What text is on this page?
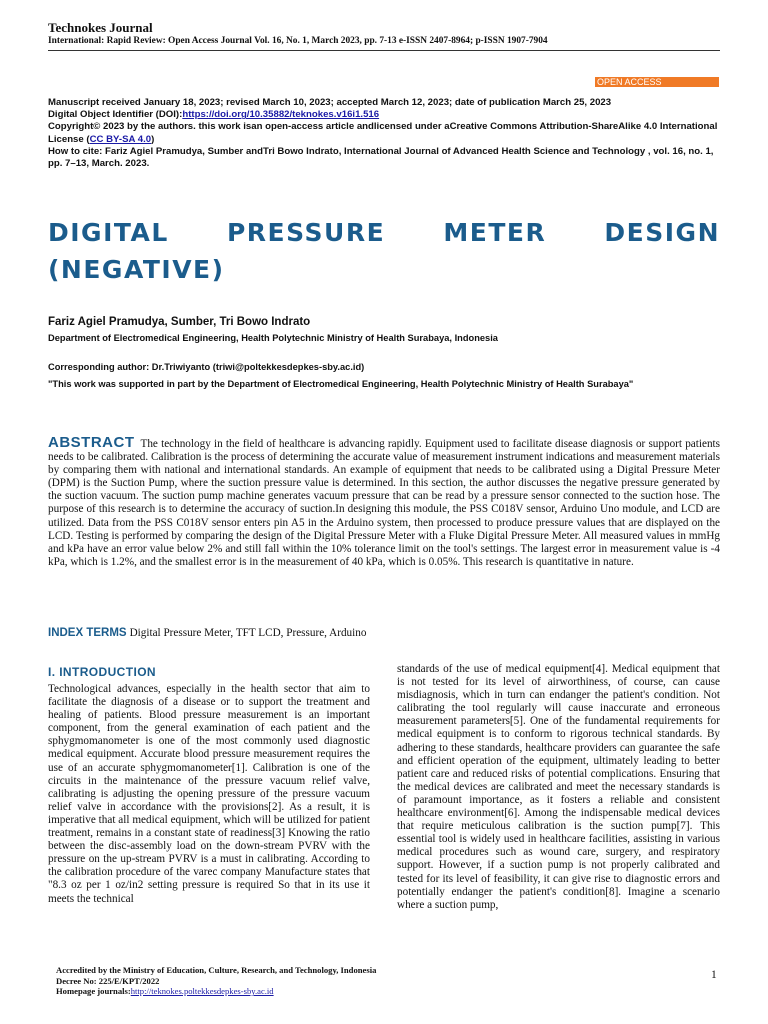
Technokes Journal
International: Rapid Review: Open Access Journal Vol. 16, No. 1, March 2023, pp. 7-13 e-ISSN 2407-8964; p-ISSN 1907-7904
OPEN ACCESS

Manuscript received January 18, 2023; revised March 10, 2023; accepted March 12, 2023; date of publication March 25, 2023

Digital Object Identifier (DOI):https://doi.org/10.35882/teknokes.v16i1.516

Copyright© 2023 by the authors. this work isan open-access article andlicensed under aCreative Commons Attribution-ShareAlike 4.0 International License (CC BY-SA 4.0)

How to cite: Fariz Agiel Pramudya, Sumber andTri Bowo Indrato, International Journal of Advanced Health Science and Technology , vol. 16, no. 1, pp. 7–13, March. 2023.

DIGITAL PRESSURE METER DESIGN (NEGATIVE)
Fariz Agiel Pramudya, Sumber, Tri Bowo Indrato
Department of Electromedical Engineering, Health Polytechnic Ministry of Health Surabaya, Indonesia
Corresponding author: Dr.Triwiyanto (triwi@poltekkesdepkes-sby.ac.id)
"This work was supported in part by the Department of Electromedical Engineering, Health Polytechnic Ministry of Health Surabaya"
ABSTRACT The technology in the field of healthcare is advancing rapidly. Equipment used to facilitate disease diagnosis or support patients needs to be calibrated. Calibration is the process of determining the accurate value of measurement instrument indications and measurement materials by comparing them with national and international standards. An example of equipment that needs to be calibrated using a Digital Pressure Meter (DPM) is the Suction Pump, where the suction pressure value is determined. In this section, the author discusses the negative pressure generated by the suction vacuum. The suction pump machine generates vacuum pressure that can be read by a pressure sensor connected to the suction hose. The purpose of this research is to determine the accuracy of suction.In designing this module, the PSS C018V sensor, Arduino Uno module, and LCD are utilized. Data from the PSS C018V sensor enters pin A5 in the Arduino system, then processed to produce pressure values that are displayed on the LCD. Testing is performed by comparing the design of the Digital Pressure Meter with a Fluke Digital Pressure Meter. All measured values in mmHg and kPa have an error value below 2% and still fall within the 10% tolerance limit on the tool's settings. The largest error in measurement value is -4 kPa, which is 1.2%, and the smallest error is in the measurement of 40 kPa, which is 0.05%. This research is quantitative in nature.
INDEX TERMS Digital Pressure Meter, TFT LCD, Pressure, Arduino
I. INTRODUCTION
Technological advances, especially in the health sector that aim to facilitate the diagnosis of a disease or to support the treatment and healing of patients. Blood pressure measurement is an important component, from the general examination of each patient and the sphygmomanometer is one of the most commonly used diagnostic medical equipment. Accurate blood pressure measurement requires the use of an accurate sphygmomanometer[1]. Calibration is one of the circuits in the maintenance of the pressure vacuum relief valve, calibrating is adjusting the opening pressure of the pressure vacuum relief valve in accordance with the provisions[2]. As a result, it is imperative that all medical equipment, which will be utilized for patient treatment, remains in a constant state of readiness[3] Knowing the ratio between the disc-assembly load on the down-stream PVRV with the pressure on the up-stream PVRV is a must in calibrating. According to the calibration procedure of the varec company Manufacture states that "8.3 oz per 1 oz/in2 setting pressure is required So that in its use it meets the technical
standards of the use of medical equipment[4]. Medical equipment that is not tested for its level of airworthiness, of course, can cause misdiagnosis, which in turn can endanger the patient's condition. Not calibrating the tool regularly will cause inaccurate and erroneous measurement parameters[5]. One of the fundamental requirements for medical equipment is to conform to rigorous technical standards. By adhering to these standards, healthcare providers can guarantee the safe and efficient operation of the equipment, ultimately leading to better patient care and reduced risks of potential complications. Ensuring that the medical devices are calibrated and meet the necessary standards is of paramount importance, as it fosters a reliable and consistent healthcare environment[6]. Among the indispensable medical devices that require meticulous calibration is the suction pump[7]. This essential tool is widely used in healthcare facilities, assisting in various medical procedures such as wound care, surgery, and respiratory support. However, if a suction pump is not properly calibrated and tested for its level of feasibility, it can give rise to diagnostic errors and potentially endanger the patient's condition[8]. Imagine a scenario where a suction pump,
Accredited by the Ministry of Education, Culture, Research, and Technology, Indonesia
Decree No: 225/E/KPT/2022
Homepage journals:http://teknokes.poltekkesdepkes-sby.ac.id
1
